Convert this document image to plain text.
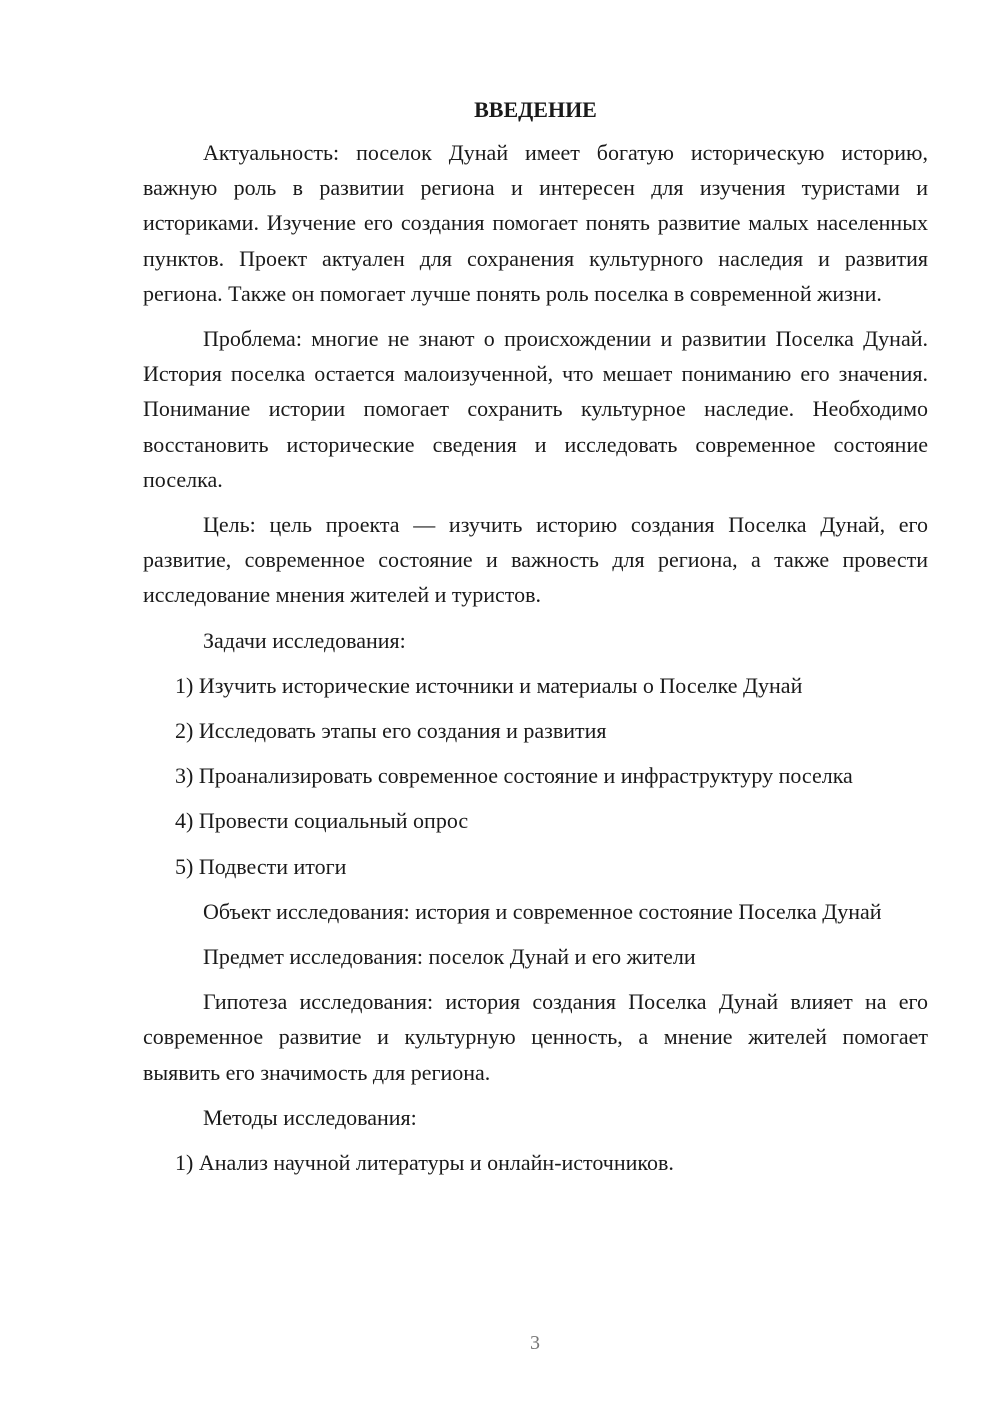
ВВЕДЕНИЕ

Актуальность: поселок Дунай имеет богатую историческую историю, важную роль в развитии региона и интересен для изучения туристами и историками. Изучение его создания помогает понять развитие малых населенных пунктов. Проект актуален для сохранения культурного наследия и развития региона. Также он помогает лучше понять роль поселка в современной жизни.

Проблема: многие не знают о происхождении и развитии Поселка Дунай. История поселка остается малоизученной, что мешает пониманию его значения. Понимание истории помогает сохранить культурное наследие. Необходимо восстановить исторические сведения и исследовать современное состояние поселка.

Цель: цель проекта — изучить историю создания Поселка Дунай, его развитие, современное состояние и важность для региона, а также провести исследование мнения жителей и туристов.

Задачи исследования:

1) Изучить исторические источники и материалы о Поселке Дунай

2) Исследовать этапы его создания и развития

3) Проанализировать современное состояние и инфраструктуру поселка

4) Провести социальный опрос

5) Подвести итоги

Объект исследования: история и современное состояние Поселка Дунай

Предмет исследования: поселок Дунай и его жители

Гипотеза исследования: история создания Поселка Дунай влияет на его современное развитие и культурную ценность, а мнение жителей помогает выявить его значимость для региона.

Методы исследования:

1) Анализ научной литературы и онлайн-источников.

3
